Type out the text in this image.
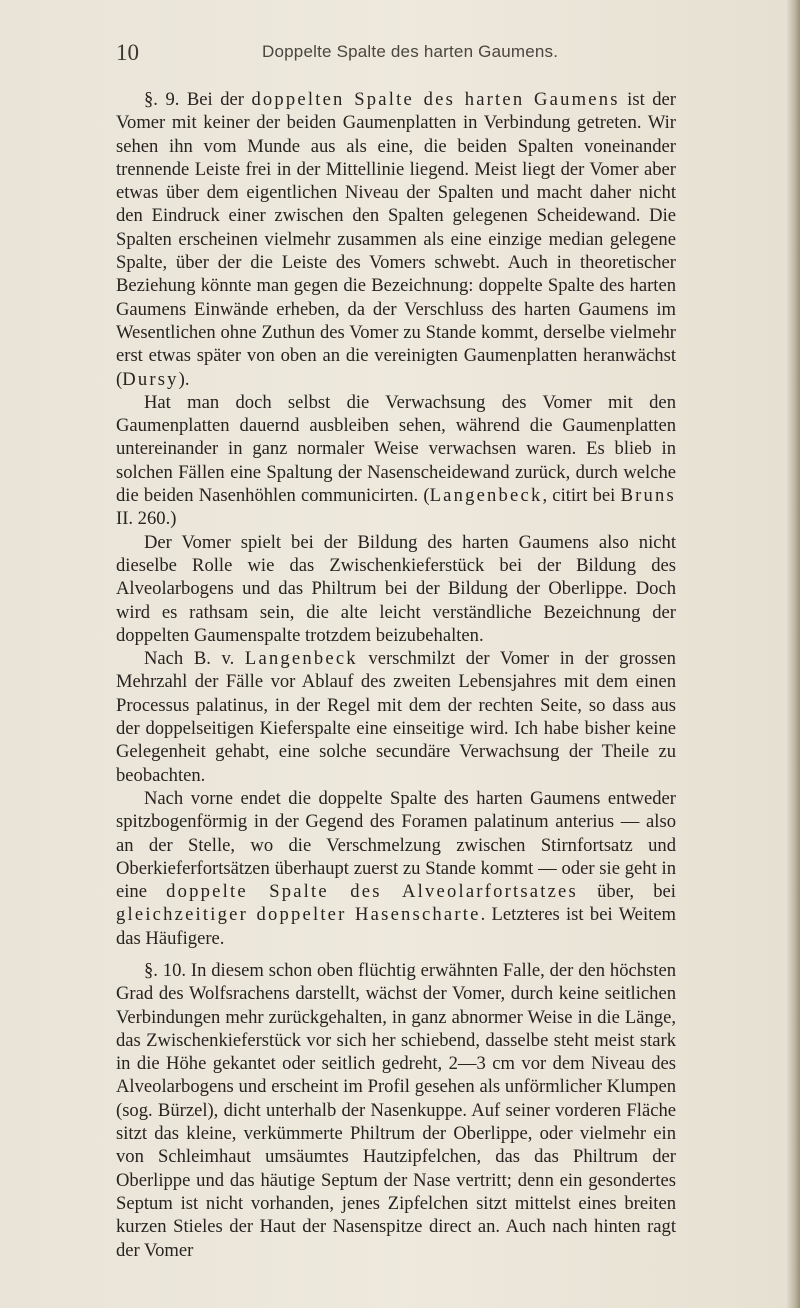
10	Doppelte Spalte des harten Gaumens.

§. 9. Bei der doppelten Spalte des harten Gaumens ist der Vomer mit keiner der beiden Gaumenplatten in Verbindung getreten. Wir sehen ihn vom Munde aus als eine, die beiden Spalten voneinander trennende Leiste frei in der Mittellinie liegend. Meist liegt der Vomer aber etwas über dem eigentlichen Niveau der Spalten und macht daher nicht den Eindruck einer zwischen den Spalten gelegenen Scheidewand. Die Spalten erscheinen vielmehr zusammen als eine einzige median gelegene Spalte, über der die Leiste des Vomers schwebt. Auch in theoretischer Beziehung könnte man gegen die Bezeichnung: doppelte Spalte des harten Gaumens Einwände erheben, da der Verschluss des harten Gaumens im Wesentlichen ohne Zuthun des Vomer zu Stande kommt, derselbe vielmehr erst etwas später von oben an die vereinigten Gaumenplatten heranwächst (Dursy).

Hat man doch selbst die Verwachsung des Vomer mit den Gaumenplatten dauernd ausbleiben sehen, während die Gaumenplatten untereinander in ganz normaler Weise verwachsen waren. Es blieb in solchen Fällen eine Spaltung der Nasenscheidewand zurück, durch welche die beiden Nasenhöhlen communicirten. (Langenbeck, citirt bei Bruns II. 260.)

Der Vomer spielt bei der Bildung des harten Gaumens also nicht dieselbe Rolle wie das Zwischenkieferstück bei der Bildung des Alveolarbogens und das Philtrum bei der Bildung der Oberlippe. Doch wird es rathsam sein, die alte leicht verständliche Bezeichnung der doppelten Gaumenspalte trotzdem beizubehalten.

Nach B. v. Langenbeck verschmilzt der Vomer in der grossen Mehrzahl der Fälle vor Ablauf des zweiten Lebensjahres mit dem einen Processus palatinus, in der Regel mit dem der rechten Seite, so dass aus der doppelseitigen Kieferspalte eine einseitige wird. Ich habe bisher keine Gelegenheit gehabt, eine solche secundäre Verwachsung der Theile zu beobachten.

Nach vorne endet die doppelte Spalte des harten Gaumens entweder spitzbogenförmig in der Gegend des Foramen palatinum anterius — also an der Stelle, wo die Verschmelzung zwischen Stirnfortsatz und Oberkieferfortsätzen überhaupt zuerst zu Stande kommt — oder sie geht in eine doppelte Spalte des Alveolarfortsatzes über, bei gleichzeitiger doppelter Hasenscharte. Letzteres ist bei Weitem das Häufigere.

§. 10. In diesem schon oben flüchtig erwähnten Falle, der den höchsten Grad des Wolfsrachens darstellt, wächst der Vomer, durch keine seitlichen Verbindungen mehr zurückgehalten, in ganz abnormer Weise in die Länge, das Zwischenkieferstück vor sich her schiebend, dasselbe steht meist stark in die Höhe gekantet oder seitlich gedreht, 2—3 cm vor dem Niveau des Alveolarbogens und erscheint im Profil gesehen als unförmlicher Klumpen (sog. Bürzel), dicht unterhalb der Nasenkuppe. Auf seiner vorderen Fläche sitzt das kleine, verkümmerte Philtrum der Oberlippe, oder vielmehr ein von Schleimhaut umsäumtes Hautzipfelchen, das das Philtrum der Oberlippe und das häutige Septum der Nase vertritt; denn ein gesondertes Septum ist nicht vorhanden, jenes Zipfelchen sitzt mittelst eines breiten kurzen Stieles der Haut der Nasenspitze direct an. Auch nach hinten ragt der Vomer
